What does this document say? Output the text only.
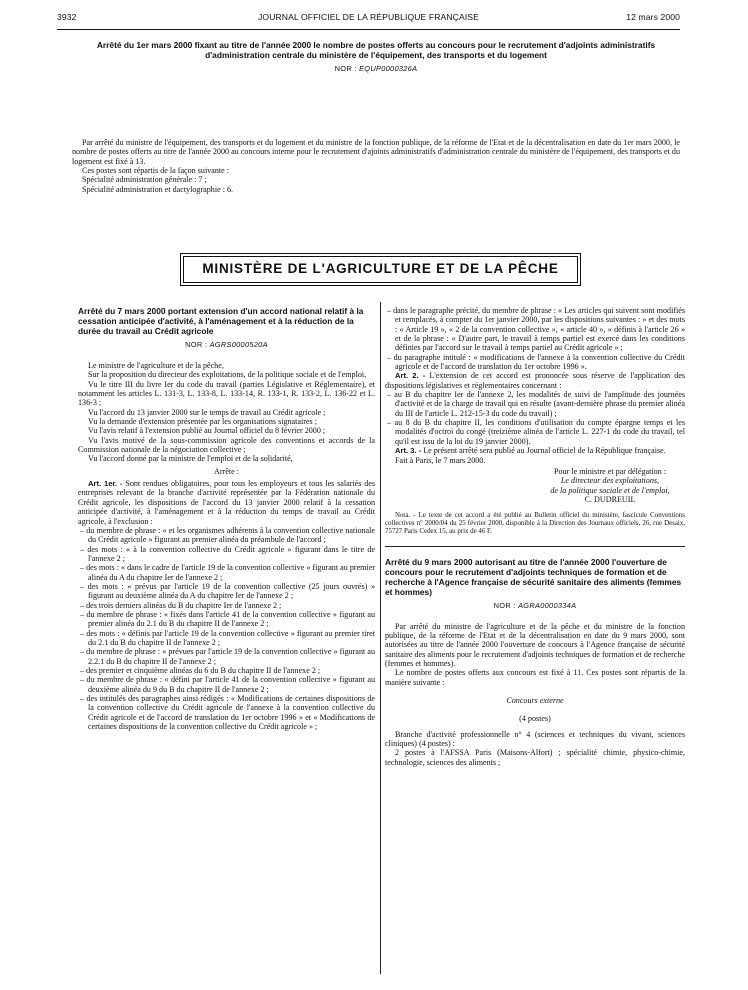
3932	JOURNAL OFFICIEL DE LA RÉPUBLIQUE FRANÇAISE	12 mars 2000
Arrêté du 1er mars 2000 fixant au titre de l'année 2000 le nombre de postes offerts au concours pour le recrutement d'adjoints administratifs d'administration centrale du ministère de l'équipement, des transports et du logement
NOR : EQUP0000326A

Par arrêté du ministre de l'équipement, des transports et du logement et du ministre de la fonction publique, de la réforme de l'Etat et de la décentralisation en date du 1er mars 2000, le nombre de postes offerts au titre de l'année 2000 au concours interne pour le recrutement d'ajoints administratifs d'administration centrale du ministère de l'équipement, des transports et du logement est fixé à 13.

Ces postes sont répartis de la façon suivante :

Spécialité administration générale : 7 ;

Spécialité administration et dactylographie : 6.

MINISTÈRE DE L'AGRICULTURE ET DE LA PÊCHE
Arrêté du 7 mars 2000 portant extension d'un accord national relatif à la cessation anticipée d'activité, à l'aménagement et à la réduction de la durée du travail au Crédit agricole
NOR : AGRS0000520A

Le ministre de l'agriculture et de la pêche,

Sur la proposition du directeur des exploitations, de la politique sociale et de l'emploi,

Vu le titre III du livre Ier du code du travail (parties Législative et Réglementaire), et notamment les articles L. 131-3, L. 133-8, L. 133-14, R. 133-1, R. 133-2, L. 136-22 et L. 136-3 ;

Vu l'accord du 13 janvier 2000 sur le temps de travail au Crédit agricole ;

Vu la demande d'extension présentée par les organisations signataires ;

Vu l'avis relatif à l'extension publié au Journal officiel du 8 février 2000 ;

Vu l'avis motivé de la sous-commission agricole des conventions et accords de la Commission nationale de la négociation collective ;

Vu l'accord donné par la ministre de l'emploi et de la solidarité,

Arrête :

Art. 1er. - Sont rendues obligatoires, pour tous les employeurs et tous les salariés des entreprises relevant de la branche d'activité représentée par la Fédération nationale du Crédit agricole, les dispositions de l'accord du 13 janvier 2000 relatif à la cessation anticipée d'activité, à l'aménagement et à la réduction du temps de travail au Crédit agricole, à l'exclusion :

– du membre de phrase : « et les organismes adhérents à la convention collective nationale du Crédit agricole » figurant au premier alinéa du préambule de l'accord ;

– des mots : « à la convention collective du Crédit agricole » figurant dans le titre de l'annexe 2 ;

– des mots : « dans le cadre de l'article 19 de la convention collective » figurant au premier alinéa du A du chapitre Ier de l'annexe 2 ;

– des mots : « prévus par l'article 19 de la convention collective (25 jours ouvrés) » figurant au deuxième alinéa du A du chapitre Ier de l'annexe 2 ;

– des trois derniers alinéas du B du chapitre Ier de l'annexe 2 ;

– du membre de phrase : « fixés dans l'article 41 de la convention collective » figurant au premier alinéa du 2.1 du B du chapitre II de l'annexe 2 ;

– des mots : « définis par l'article 19 de la convention collective » figurant au premier tiret du 2.1 du B du chapitre II de l'annexe 2 ;

– du membre de phrase : « prévues par l'article 19 de la convention collective » figurant au 2.2.1 du B du chapitre II de l'annexe 2 ;

– des premier et cinquième alinéas du 6 du B du chapitre II de l'annexe 2 ;

– du membre de phrase : « défini par l'article 41 de la convention collective » figurant au deuxième alinéa du 9 du B du chapitre II de l'annexe 2 ;

– des intitulés des paragraphes ainsi rédigés : « Modifications de certaines dispositions de la convention collective du Crédit agricole de l'annexe à la convention collective du Crédit agricole et de l'accord de translation du 1er octobre 1996 » et « Modifications de certaines dispositions de la convention collective du Crédit agricole » ;

– dans le paragraphe précité, du membre de phrase : « Les articles qui suivent sont modifiés et remplacés, à compter du 1er janvier 2000, par les dispositions suivantes : » et des mots : « Article 19 », « 2 de la convention collective », « article 40 », « définis à l'article 26 » et de la phrase : « D'autre part, le travail à temps partiel est exercé dans les conditions définies par l'accord sur le travail à temps partiel au Crédit agricole » ;

– du paragraphe intitulé : « modifications de l'annexe à la convention collective du Crédit agricole et de l'accord de translation du 1er octobre 1996 ».

Art. 2. - L'extension de cet accord est prononcée sous réserve de l'application des dispositions législatives et réglementaires concernant :

– au B du chapitre Ier de l'annexe 2, les modalités de suivi de l'amplitude des journées d'activité et de la charge de travail qui en résulte (avant-dernière phrase du premier alinéa du III de l'article L. 212-15-3 du code du travail) ;

– au 8 du B du chapitre II, les conditions d'utilisation du compte épargne temps et les modalités d'octroi du congé (treizième alinéa de l'article L. 227-1 du code du travail, tel qu'il est issu de la loi du 19 janvier 2000).

Art. 3. - Le présent arrêté sera publié au Journal officiel de la République française.

Fait à Paris, le 7 mars 2000.

Pour le ministre et par délégation :
Le directeur des exploitations,
de la politique sociale et de l'emploi,
C. DUDREUIL

Nota. - Le texte de cet accord a été publié au Bulletin officiel du ministère, fascicule Conventions collectives n° 2000/04 du 25 février 2000, disponible à la Direction des Journaux officiels, 26, rue Desaix, 75727 Paris Cedex 15, au prix de 46 F.

Arrêté du 9 mars 2000 autorisant au titre de l'année 2000 l'ouverture de concours pour le recrutement d'adjoints techniques de formation et de recherche à l'Agence française de sécurité sanitaire des aliments (femmes et hommes)
NOR : AGRA0000334A

Par arrêté du ministre de l'agriculture et de la pêche et du ministre de la fonction publique, de la réforme de l'Etat et de la décentralisation en date du 9 mars 2000, sont autorisées au titre de l'année 2000 l'ouverture de concours à l'Agence française de sécurité sanitaire des aliments pour le recrutement d'adjoints techniques de formation et de recherche (femmes et hommes).

Le nombre de postes offerts aux concours est fixé à 11. Ces postes sont répartis de la manière suivante :

Concours externe

(4 postes)

Branche d'activité professionnelle n° 4 (sciences et techniques du vivant, sciences cliniques) (4 postes) :

2 postes à l'AFSSA Paris (Maisons-Alfort) ; spécialité chimie, physico-chimie, technologie, sciences des aliments ;
